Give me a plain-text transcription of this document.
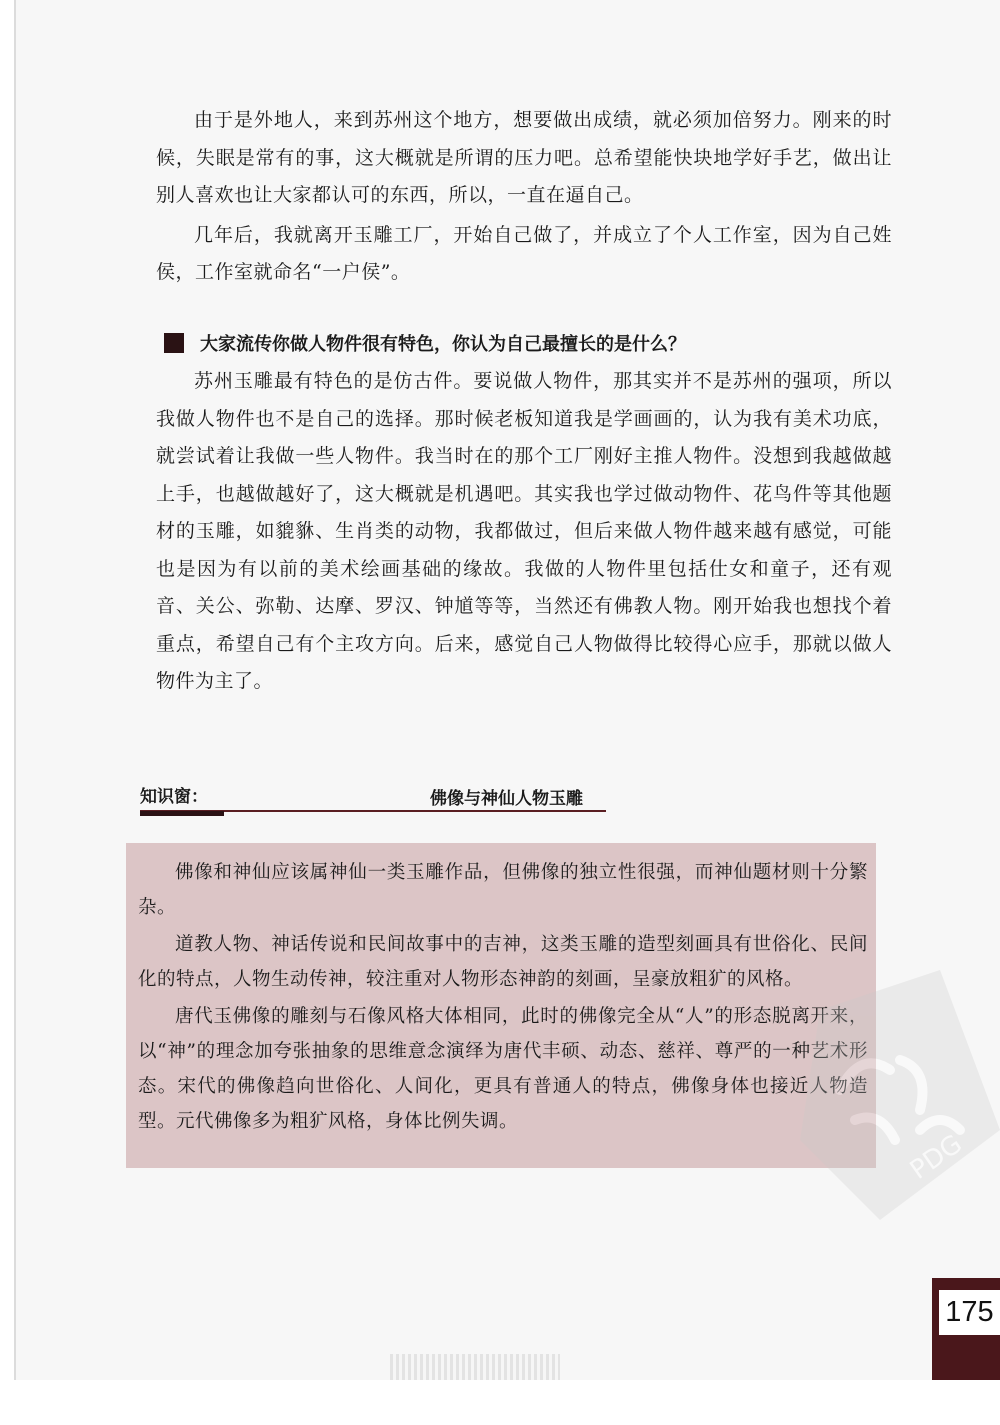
由于是外地人，来到苏州这个地方，想要做出成绩，就必须加倍努力。刚来的时候，失眠是常有的事，这大概就是所谓的压力吧。总希望能快块地学好手艺，做出让别人喜欢也让大家都认可的东西，所以，一直在逼自己。

几年后，我就离开玉雕工厂，开始自己做了，并成立了个人工作室，因为自己姓侯，工作室就命名“一户侯”。

大家流传你做人物件很有特色，你认为自己最擅长的是什么？

苏州玉雕最有特色的是仿古件。要说做人物件，那其实并不是苏州的强项，所以我做人物件也不是自己的选择。那时候老板知道我是学画画的，认为我有美术功底，就尝试着让我做一些人物件。我当时在的那个工厂刚好主推人物件。没想到我越做越上手，也越做越好了，这大概就是机遇吧。其实我也学过做动物件、花鸟件等其他题材的玉雕，如貔貅、生肖类的动物，我都做过，但后来做人物件越来越有感觉，可能也是因为有以前的美术绘画基础的缘故。我做的人物件里包括仕女和童子，还有观音、关公、弥勒、达摩、罗汉、钟馗等等，当然还有佛教人物。刚开始我也想找个着重点，希望自己有个主攻方向。后来，感觉自己人物做得比较得心应手，那就以做人物件为主了。

知识窗：	佛像与神仙人物玉雕

佛像和神仙应该属神仙一类玉雕作品，但佛像的独立性很强，而神仙题材则十分繁杂。

道教人物、神话传说和民间故事中的吉神，这类玉雕的造型刻画具有世俗化、民间化的特点，人物生动传神，较注重对人物形态神韵的刻画，呈豪放粗犷的风格。

唐代玉佛像的雕刻与石像风格大体相同，此时的佛像完全从“人”的形态脱离开来，以“神”的理念加夸张抽象的思维意念演绎为唐代丰硕、动态、慈祥、尊严的一种艺术形态。宋代的佛像趋向世俗化、人间化，更具有普通人的特点，佛像身体也接近人物造型。元代佛像多为粗犷风格，身体比例失调。

PDG
175
